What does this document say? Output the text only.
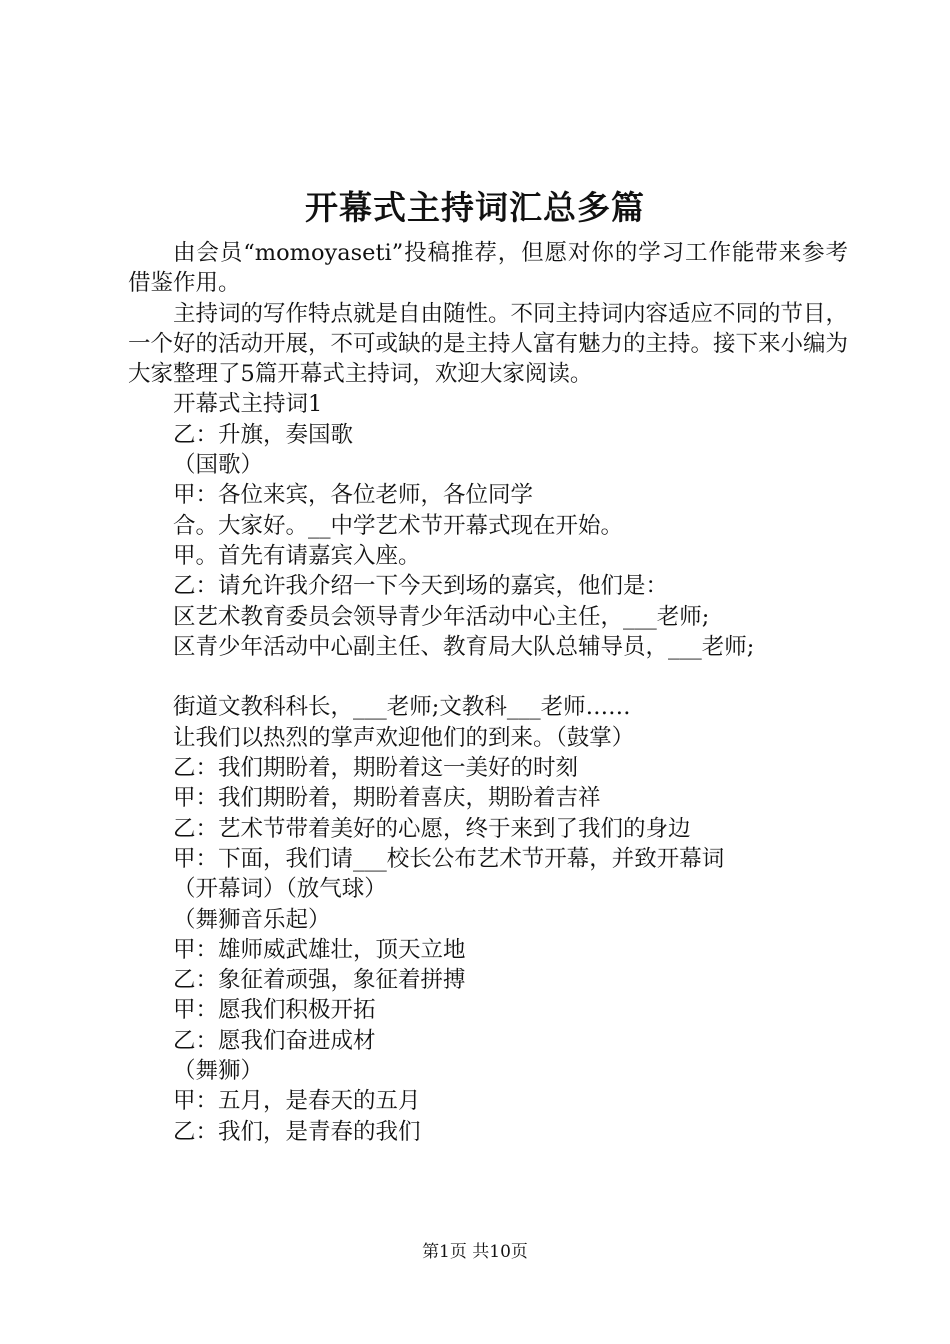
开幕式主持词汇总多篇

由会员“momoyaseti”投稿推荐，但愿对你的学习工作能带来参考借鉴作用。

主持词的写作特点就是自由随性。不同主持词内容适应不同的节目，一个好的活动开展，不可或缺的是主持人富有魅力的主持。接下来小编为大家整理了5篇开幕式主持词，欢迎大家阅读。

开幕式主持词1

乙：升旗，奏国歌

（国歌）

甲：各位来宾，各位老师，各位同学

合。大家好。__中学艺术节开幕式现在开始。

甲。首先有请嘉宾入座。

乙：请允许我介绍一下今天到场的嘉宾，他们是：

区艺术教育委员会领导青少年活动中心主任，___老师;

区青少年活动中心副主任、教育局大队总辅导员，___老师;

街道文教科科长，___老师;文教科___老师……

让我们以热烈的掌声欢迎他们的到来。（鼓掌）

乙：我们期盼着，期盼着这一美好的时刻

甲：我们期盼着，期盼着喜庆，期盼着吉祥

乙：艺术节带着美好的心愿，终于来到了我们的身边

甲：下面，我们请___校长公布艺术节开幕，并致开幕词

（开幕词）（放气球）

（舞狮音乐起）

甲：雄师威武雄壮，顶天立地

乙：象征着顽强，象征着拼搏

甲：愿我们积极开拓

乙：愿我们奋进成材

（舞狮）

甲：五月，是春天的五月

乙：我们，是青春的我们

第1页 共10页
